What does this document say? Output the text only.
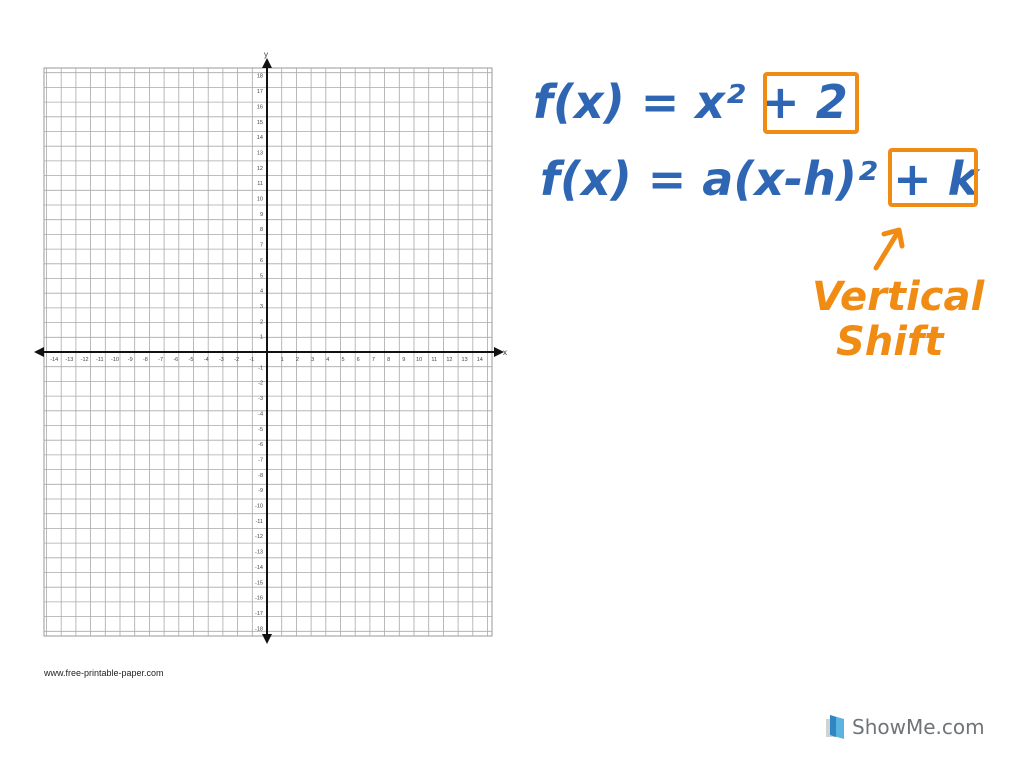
x
y
-14 -13 -12 -11 -10 -9 -8 -7 -6 -5 -4 -3 -2 -1	1 2 3 4 5 6 7 8 9 10 11 12 13 14
18
17
16
15
14
13
12
11
10
9
8
7
6
5
4
3
2
1
-1
-2
-3
-4
-5
-6
-7
-8
-9
-10
-11
-12
-13
-14
-15
-16
-17
-18
f(x) = x² + 2
f(x) = a(x-h)² + k
Vertical
Shift
www.free-printable-paper.com
ShowMe.com
